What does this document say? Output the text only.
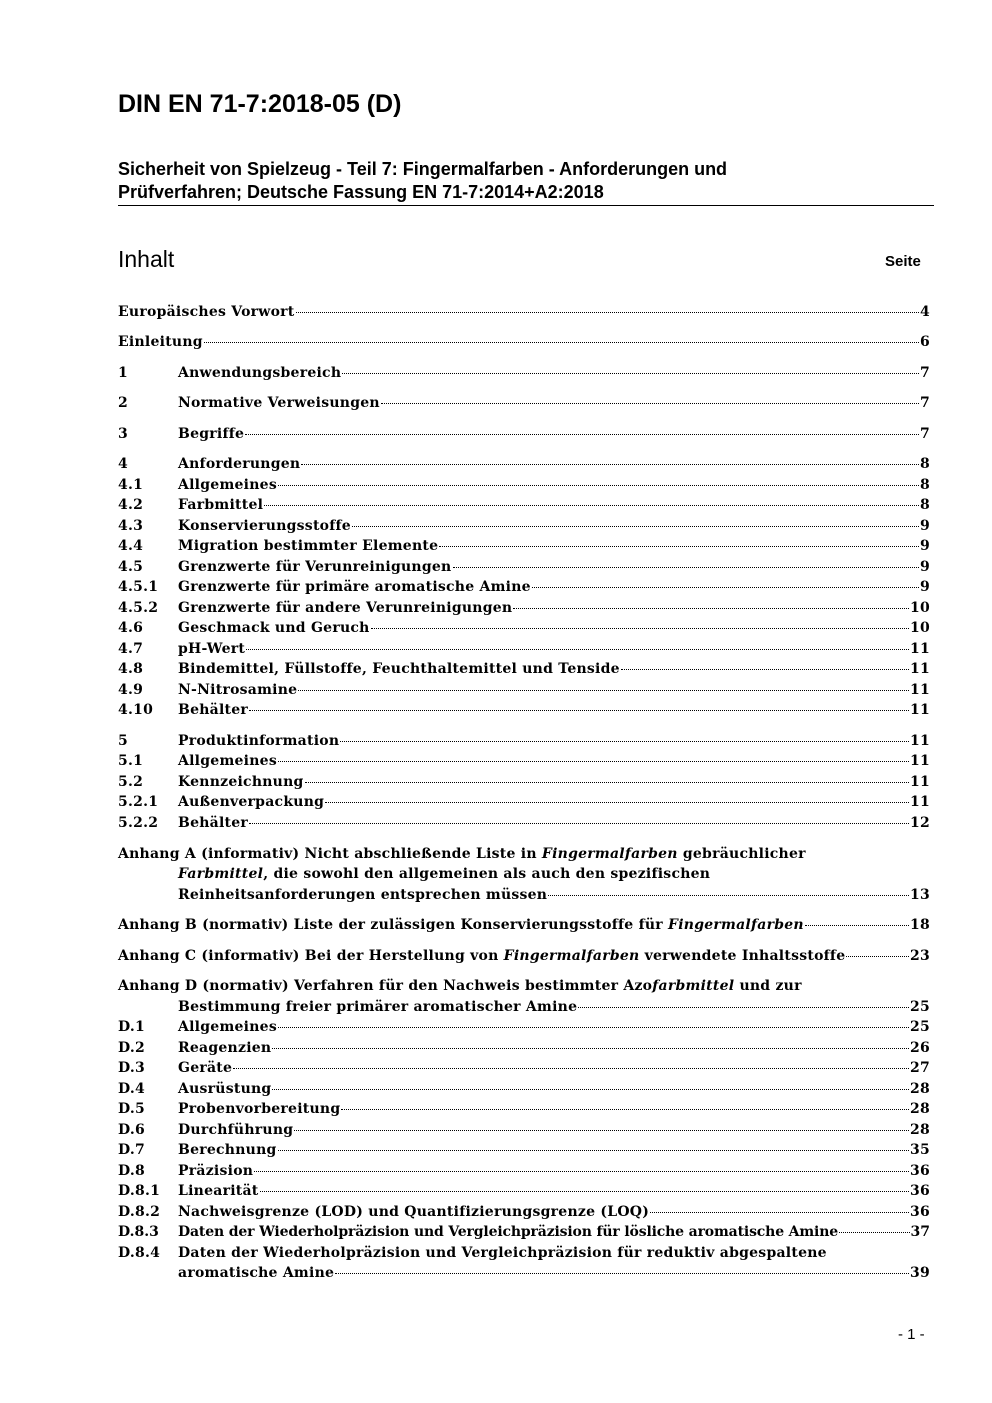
DIN EN 71-7:2018-05 (D)
Sicherheit von Spielzeug - Teil 7: Fingermalfarben - Anforderungen und
Prüfverfahren; Deutsche Fassung EN 71-7:2014+A2:2018
Inhalt	Seite
Europäisches Vorwort	4
Einleitung	6
1	Anwendungsbereich	7
2	Normative Verweisungen	7
3	Begriffe	7
4	Anforderungen	8
4.1 Allgemeines	8
4.2 Farbmittel	8
4.3 Konservierungsstoffe	9
4.4 Migration bestimmter Elemente	9
4.5 Grenzwerte für Verunreinigungen	9
4.5.1 Grenzwerte für primäre aromatische Amine	9
4.5.2 Grenzwerte für andere Verunreinigungen	10
4.6 Geschmack und Geruch	10
4.7 pH-Wert	11
4.8 Bindemittel, Füllstoffe, Feuchthaltemittel und Tenside	11
4.9 N-Nitrosamine	11
4.10 Behälter	11
5	Produktinformation	11
5.1 Allgemeines	11
5.2 Kennzeichnung	11
5.2.1 Außenverpackung	11
5.2.2 Behälter	12
Anhang A (informativ) Nicht abschließende Liste in Fingermalfarben gebräuchlicher
Farbmittel, die sowohl den allgemeinen als auch den spezifischen
Reinheitsanforderungen entsprechen müssen	13
Anhang B (normativ) Liste der zulässigen Konservierungsstoffe für Fingermalfarben	18
Anhang C (informativ) Bei der Herstellung von Fingermalfarben verwendete Inhaltsstoffe	23
Anhang D (normativ) Verfahren für den Nachweis bestimmter Azofarbmittel und zur
Bestimmung freier primärer aromatischer Amine	25
D.1 Allgemeines	25
D.2 Reagenzien	26
D.3 Geräte	27
D.4 Ausrüstung	28
D.5 Probenvorbereitung	28
D.6 Durchführung	28
D.7 Berechnung	35
D.8 Präzision	36
D.8.1 Linearität	36
D.8.2 Nachweisgrenze (LOD) und Quantifizierungsgrenze (LOQ)	36
D.8.3 Daten der Wiederholpräzision und Vergleichpräzision für lösliche aromatische Amine	37
D.8.4 Daten der Wiederholpräzision und Vergleichpräzision für reduktiv abgespaltene
aromatische Amine	39
- 1 -
